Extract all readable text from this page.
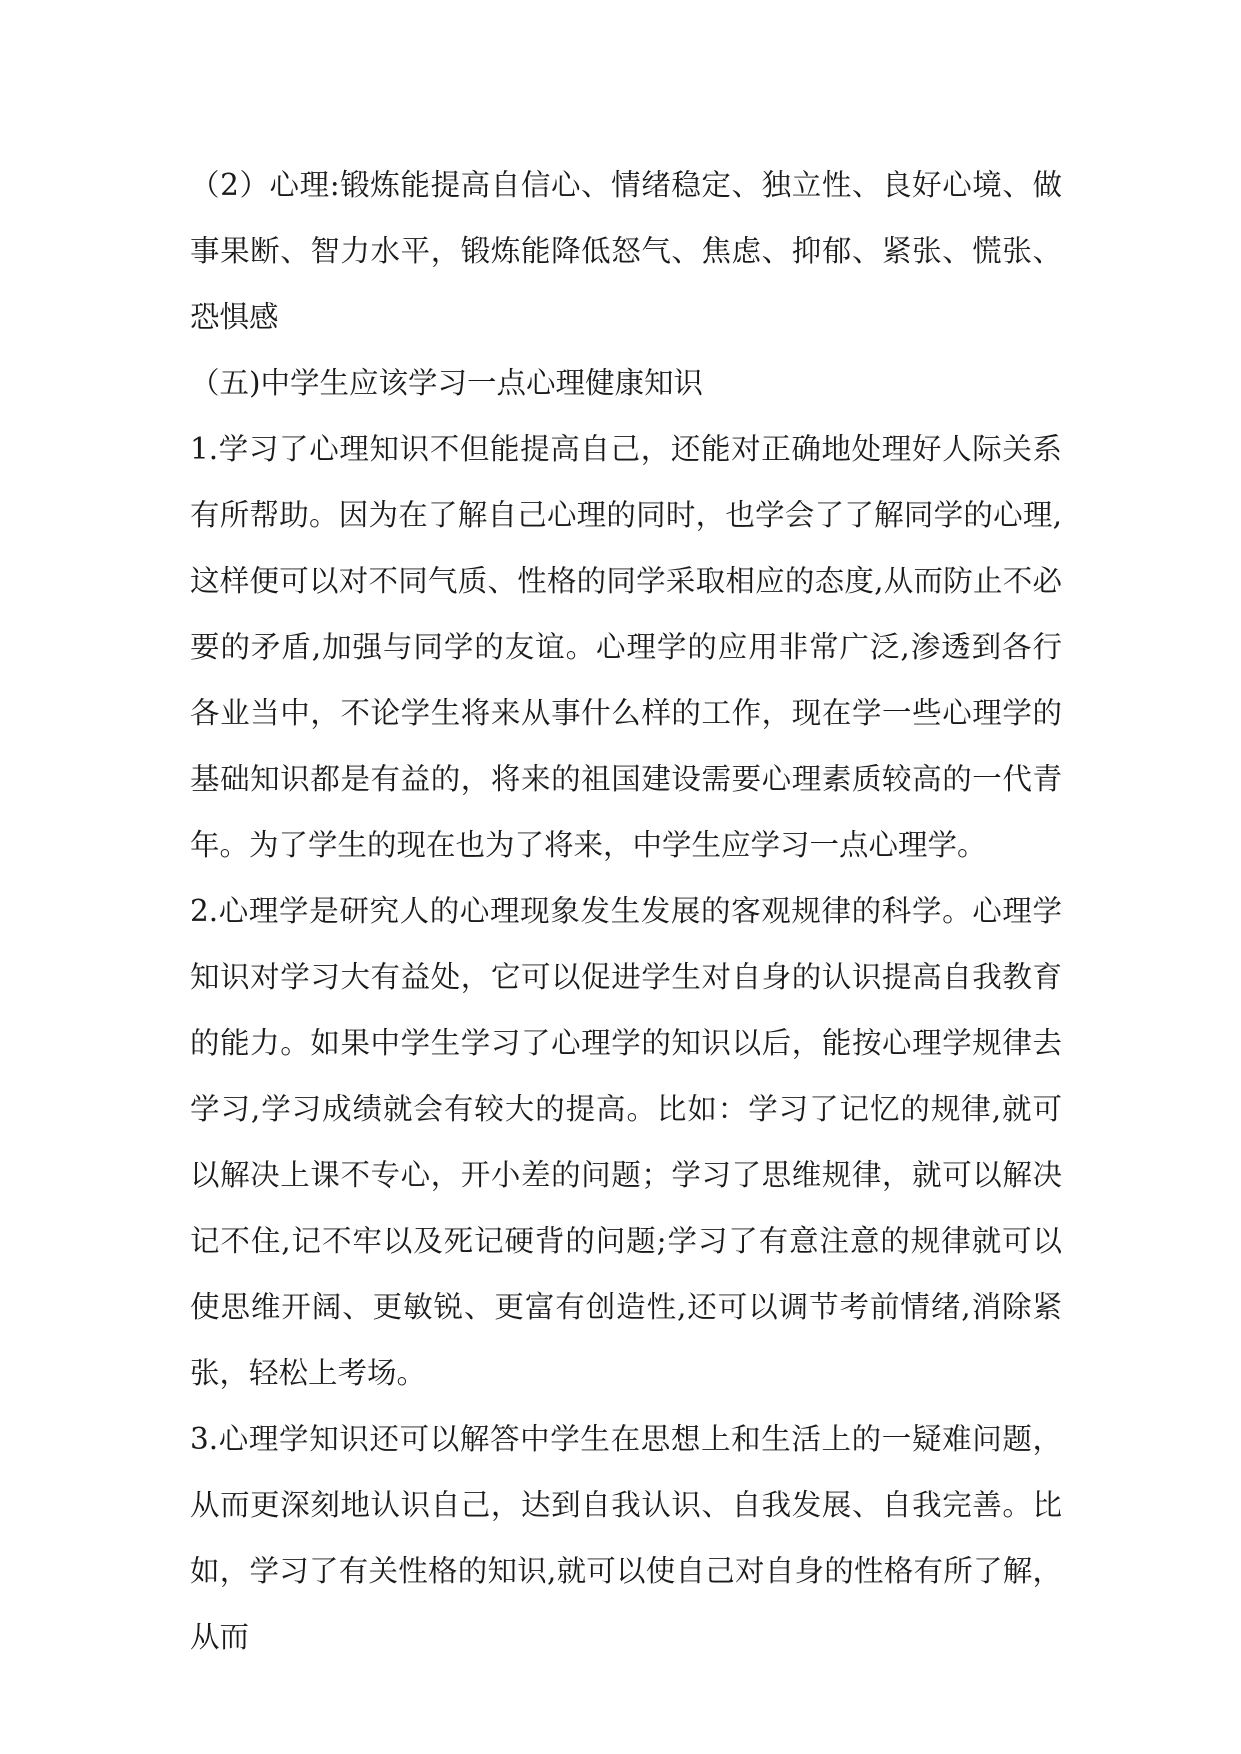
（2）心理:锻炼能提高自信心、情绪稳定、独立性、良好心境、做事果断、智力水平，锻炼能降低怒气、焦虑、抑郁、紧张、慌张、恐惧感

（五)中学生应该学习一点心理健康知识

1.学习了心理知识不但能提高自己，还能对正确地处理好人际关系有所帮助。因为在了解自己心理的同时，也学会了了解同学的心理,这样便可以对不同气质、性格的同学采取相应的态度,从而防止不必要的矛盾,加强与同学的友谊。心理学的应用非常广泛,渗透到各行各业当中，不论学生将来从事什么样的工作，现在学一些心理学的基础知识都是有益的，将来的祖国建设需要心理素质较高的一代青年。为了学生的现在也为了将来，中学生应学习一点心理学。

2.心理学是研究人的心理现象发生发展的客观规律的科学。心理学知识对学习大有益处，它可以促进学生对自身的认识提高自我教育的能力。如果中学生学习了心理学的知识以后，能按心理学规律去学习,学习成绩就会有较大的提高。比如：学习了记忆的规律,就可以解决上课不专心，开小差的问题；学习了思维规律，就可以解决记不住,记不牢以及死记硬背的问题;学习了有意注意的规律就可以使思维开阔、更敏锐、更富有创造性,还可以调节考前情绪,消除紧张，轻松上考场。

3.心理学知识还可以解答中学生在思想上和生活上的一疑难问题，从而更深刻地认识自己，达到自我认识、自我发展、自我完善。比如，学习了有关性格的知识,就可以使自己对自身的性格有所了解，从而
